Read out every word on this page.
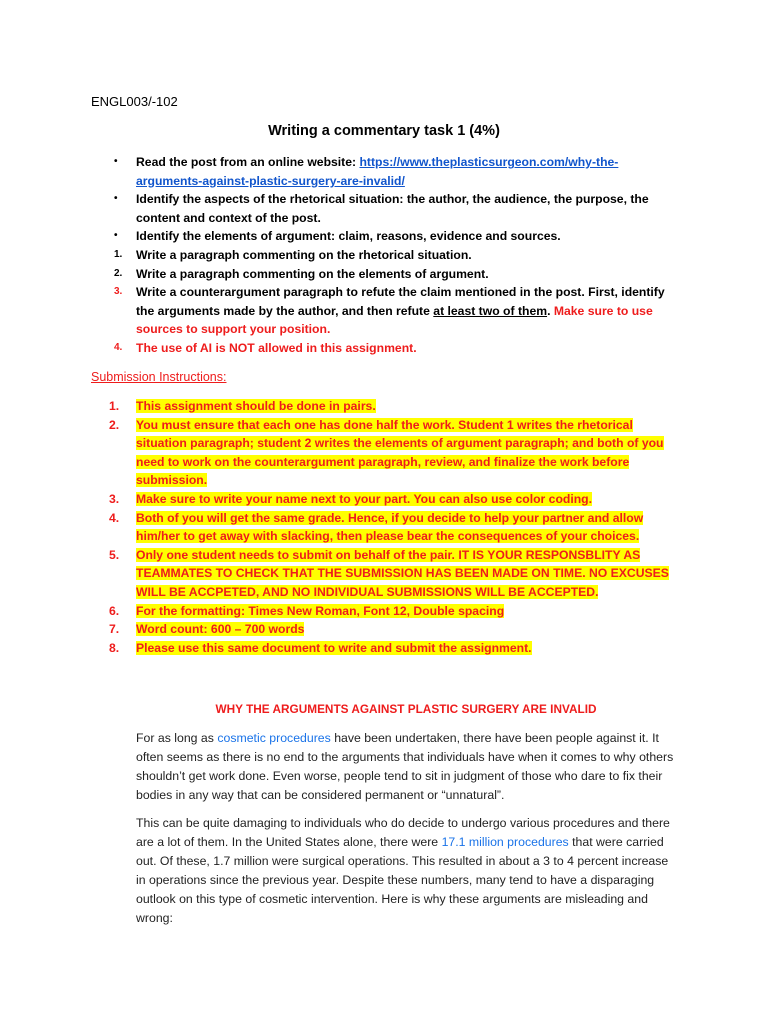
ENGL003/-102
Writing a commentary task 1 (4%)
•	Read the post from an online website: https://www.theplasticsurgeon.com/why-the-arguments-against-plastic-surgery-are-invalid/
•	Identify the aspects of the rhetorical situation: the author, the audience, the purpose, the content and context of the post.
•	Identify the elements of argument: claim, reasons, evidence and sources.
1.	Write a paragraph commenting on the rhetorical situation.
2.	Write a paragraph commenting on the elements of argument.
3.	Write a counterargument paragraph to refute the claim mentioned in the post. First, identify the arguments made by the author, and then refute at least two of them. Make sure to use sources to support your position.
4.	The use of AI is NOT allowed in this assignment.
Submission Instructions:
1.	This assignment should be done in pairs.
2.	You must ensure that each one has done half the work. Student 1 writes the rhetorical situation paragraph; student 2 writes the elements of argument paragraph; and both of you need to work on the counterargument paragraph, review, and finalize the work before submission.
3.	Make sure to write your name next to your part. You can also use color coding.
4.	Both of you will get the same grade. Hence, if you decide to help your partner and allow him/her to get away with slacking, then please bear the consequences of your choices.
5.	Only one student needs to submit on behalf of the pair. IT IS YOUR RESPONSBLITY AS TEAMMATES TO CHECK THAT THE SUBMISSION HAS BEEN MADE ON TIME. NO EXCUSES WILL BE ACCPETED, AND NO INDIVIDUAL SUBMISSIONS WILL BE ACCEPTED.
6.	For the formatting: Times New Roman, Font 12, Double spacing
7.	Word count: 600 – 700 words
8.	Please use this same document to write and submit the assignment.
WHY THE ARGUMENTS AGAINST PLASTIC SURGERY ARE INVALID

For as long as cosmetic procedures have been undertaken, there have been people against it. It often seems as there is no end to the arguments that individuals have when it comes to why others shouldn’t get work done. Even worse, people tend to sit in judgment of those who dare to fix their bodies in any way that can be considered permanent or “unnatural”.

This can be quite damaging to individuals who do decide to undergo various procedures and there are a lot of them. In the United States alone, there were 17.1 million procedures that were carried out. Of these, 1.7 million were surgical operations. This resulted in about a 3 to 4 percent increase in operations since the previous year. Despite these numbers, many tend to have a disparaging outlook on this type of cosmetic intervention. Here is why these arguments are misleading and wrong:
